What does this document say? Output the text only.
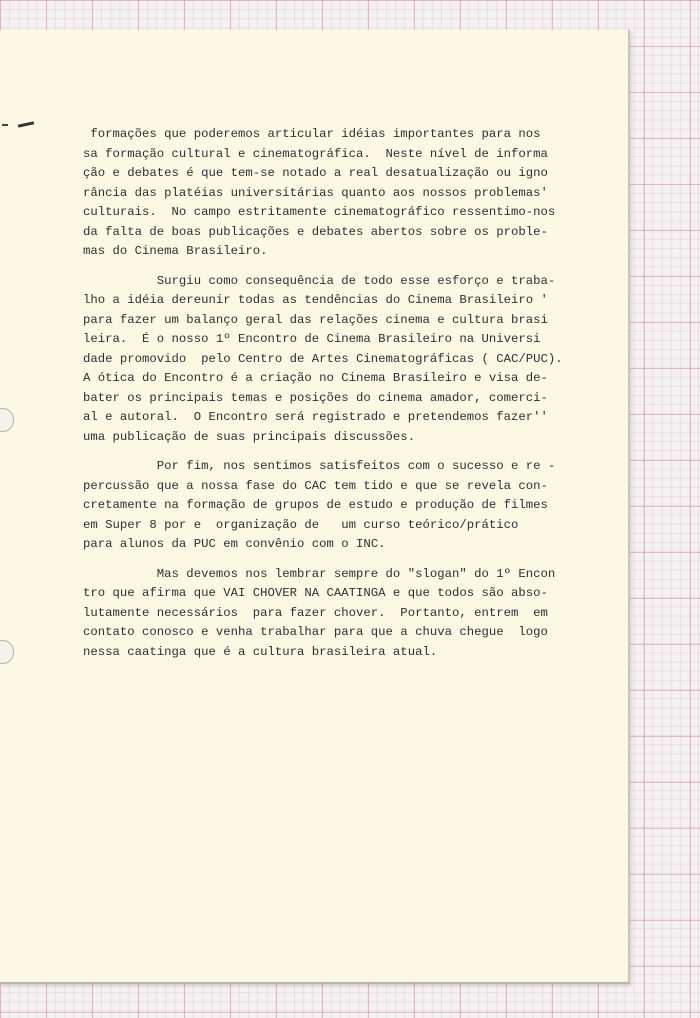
formações que poderemos articular idéias importantes para nos
sa formação cultural e cinematográfica.  Neste nível de informa
ção e debates é que tem-se notado a real desatualização ou igno
rância das platéias universitárias quanto aos nossos problemas'
culturais.  No campo estritamente cinematográfico ressentimo-nos
da falta de boas publicações e debates abertos sobre os proble-
mas do Cinema Brasileiro.
Surgiu como consequência de todo esse esforço e traba-
lho a idéia dereunir todas as tendências do Cinema Brasileiro '
para fazer um balanço geral das relações cinema e cultura brasi
leira.  É o nosso 1º Encontro de Cinema Brasileiro na Universi
dade promovido  pelo Centro de Artes Cinematográficas ( CAC/PUC).
A ótica do Encontro é a criação no Cinema Brasileiro e visa de-
bater os principais temas e posições do cinema amador, comerci-
al e autoral.  O Encontro será registrado e pretendemos fazer''
uma publicação de suas principais discussões.
Por fim, nos sentimos satisfeitos com o sucesso e re -
percussão que a nossa fase do CAC tem tido e que se revela con-
cretamente na formação de grupos de estudo e produção de filmes
em Super 8 por e  organização de   um curso teórico/prático
para alunos da PUC em convênio com o INC.
Mas devemos nos lembrar sempre do "slogan" do 1º Encon
tro que afirma que VAI CHOVER NA CAATINGA e que todos são abso-
lutamente necessários  para fazer chover.  Portanto, entrem  em
contato conosco e venha trabalhar para que a chuva chegue  logo
nessa caatinga que é a cultura brasileira atual.
